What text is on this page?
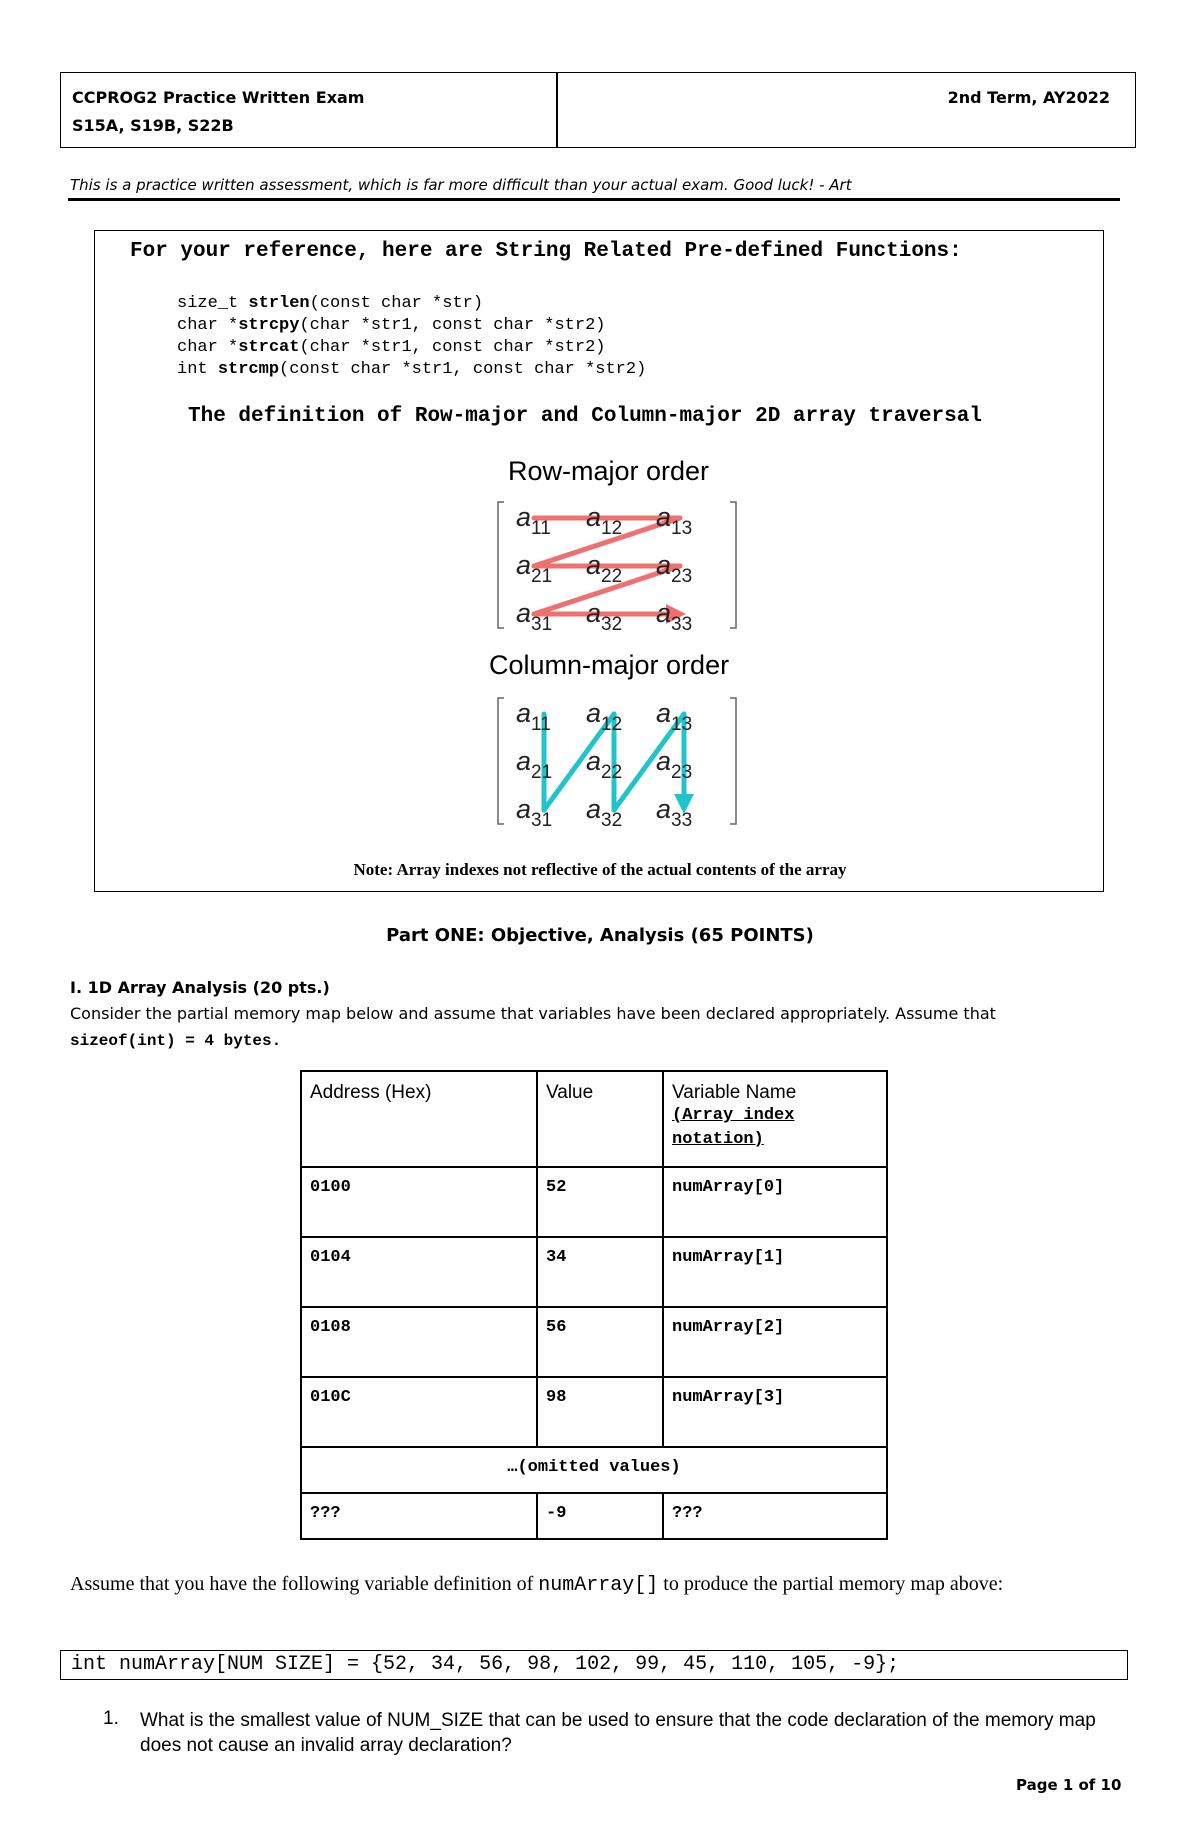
CCPROG2 Practice Written Exam
S15A, S19B, S22B
2nd Term, AY2022
This is a practice written assessment, which is far more difficult than your actual exam. Good luck! - Art
For your reference, here are String Related Pre-defined Functions:
size_t strlen(const char *str)
char *strcpy(char *str1, const char *str2)
char *strcat(char *str1, const char *str2)
int strcmp(const char *str1, const char *str2)
The definition of Row-major and Column-major 2D array traversal
Row-major order
$a_{11}$ $a_{12}$ $a_{13}$
$a_{21}$ $a_{22}$ $a_{23}$
$a_{31}$ $a_{32}$ $a_{33}$
Column-major order
$a_{11}$ $a_{12}$ $a_{13}$
$a_{21}$ $a_{22}$ $a_{23}$
$a_{31}$ $a_{32}$ $a_{33}$
Note: Array indexes not reflective of the actual contents of the array
Part ONE: Objective, Analysis (65 POINTS)
I. 1D Array Analysis (20 pts.)
Consider the partial memory map below and assume that variables have been declared appropriately. Assume that
sizeof(int) = 4 bytes.
Address (Hex)	Value	Variable Name
(Array index notation)

0100	52	numArray[0]
0104	34	numArray[1]
0108	56	numArray[2]
010C	98	numArray[3]
…(omitted values)		
???	-9	???
Assume that you have the following variable definition of numArray[] to produce the partial memory map above:
int numArray[NUM SIZE] = {52, 34, 56, 98, 102, 99, 45, 110, 105, -9};
1. What is the smallest value of NUM_SIZE that can be used to ensure that the code declaration of the memory map does not cause an invalid array declaration?
Page 1 of 10
